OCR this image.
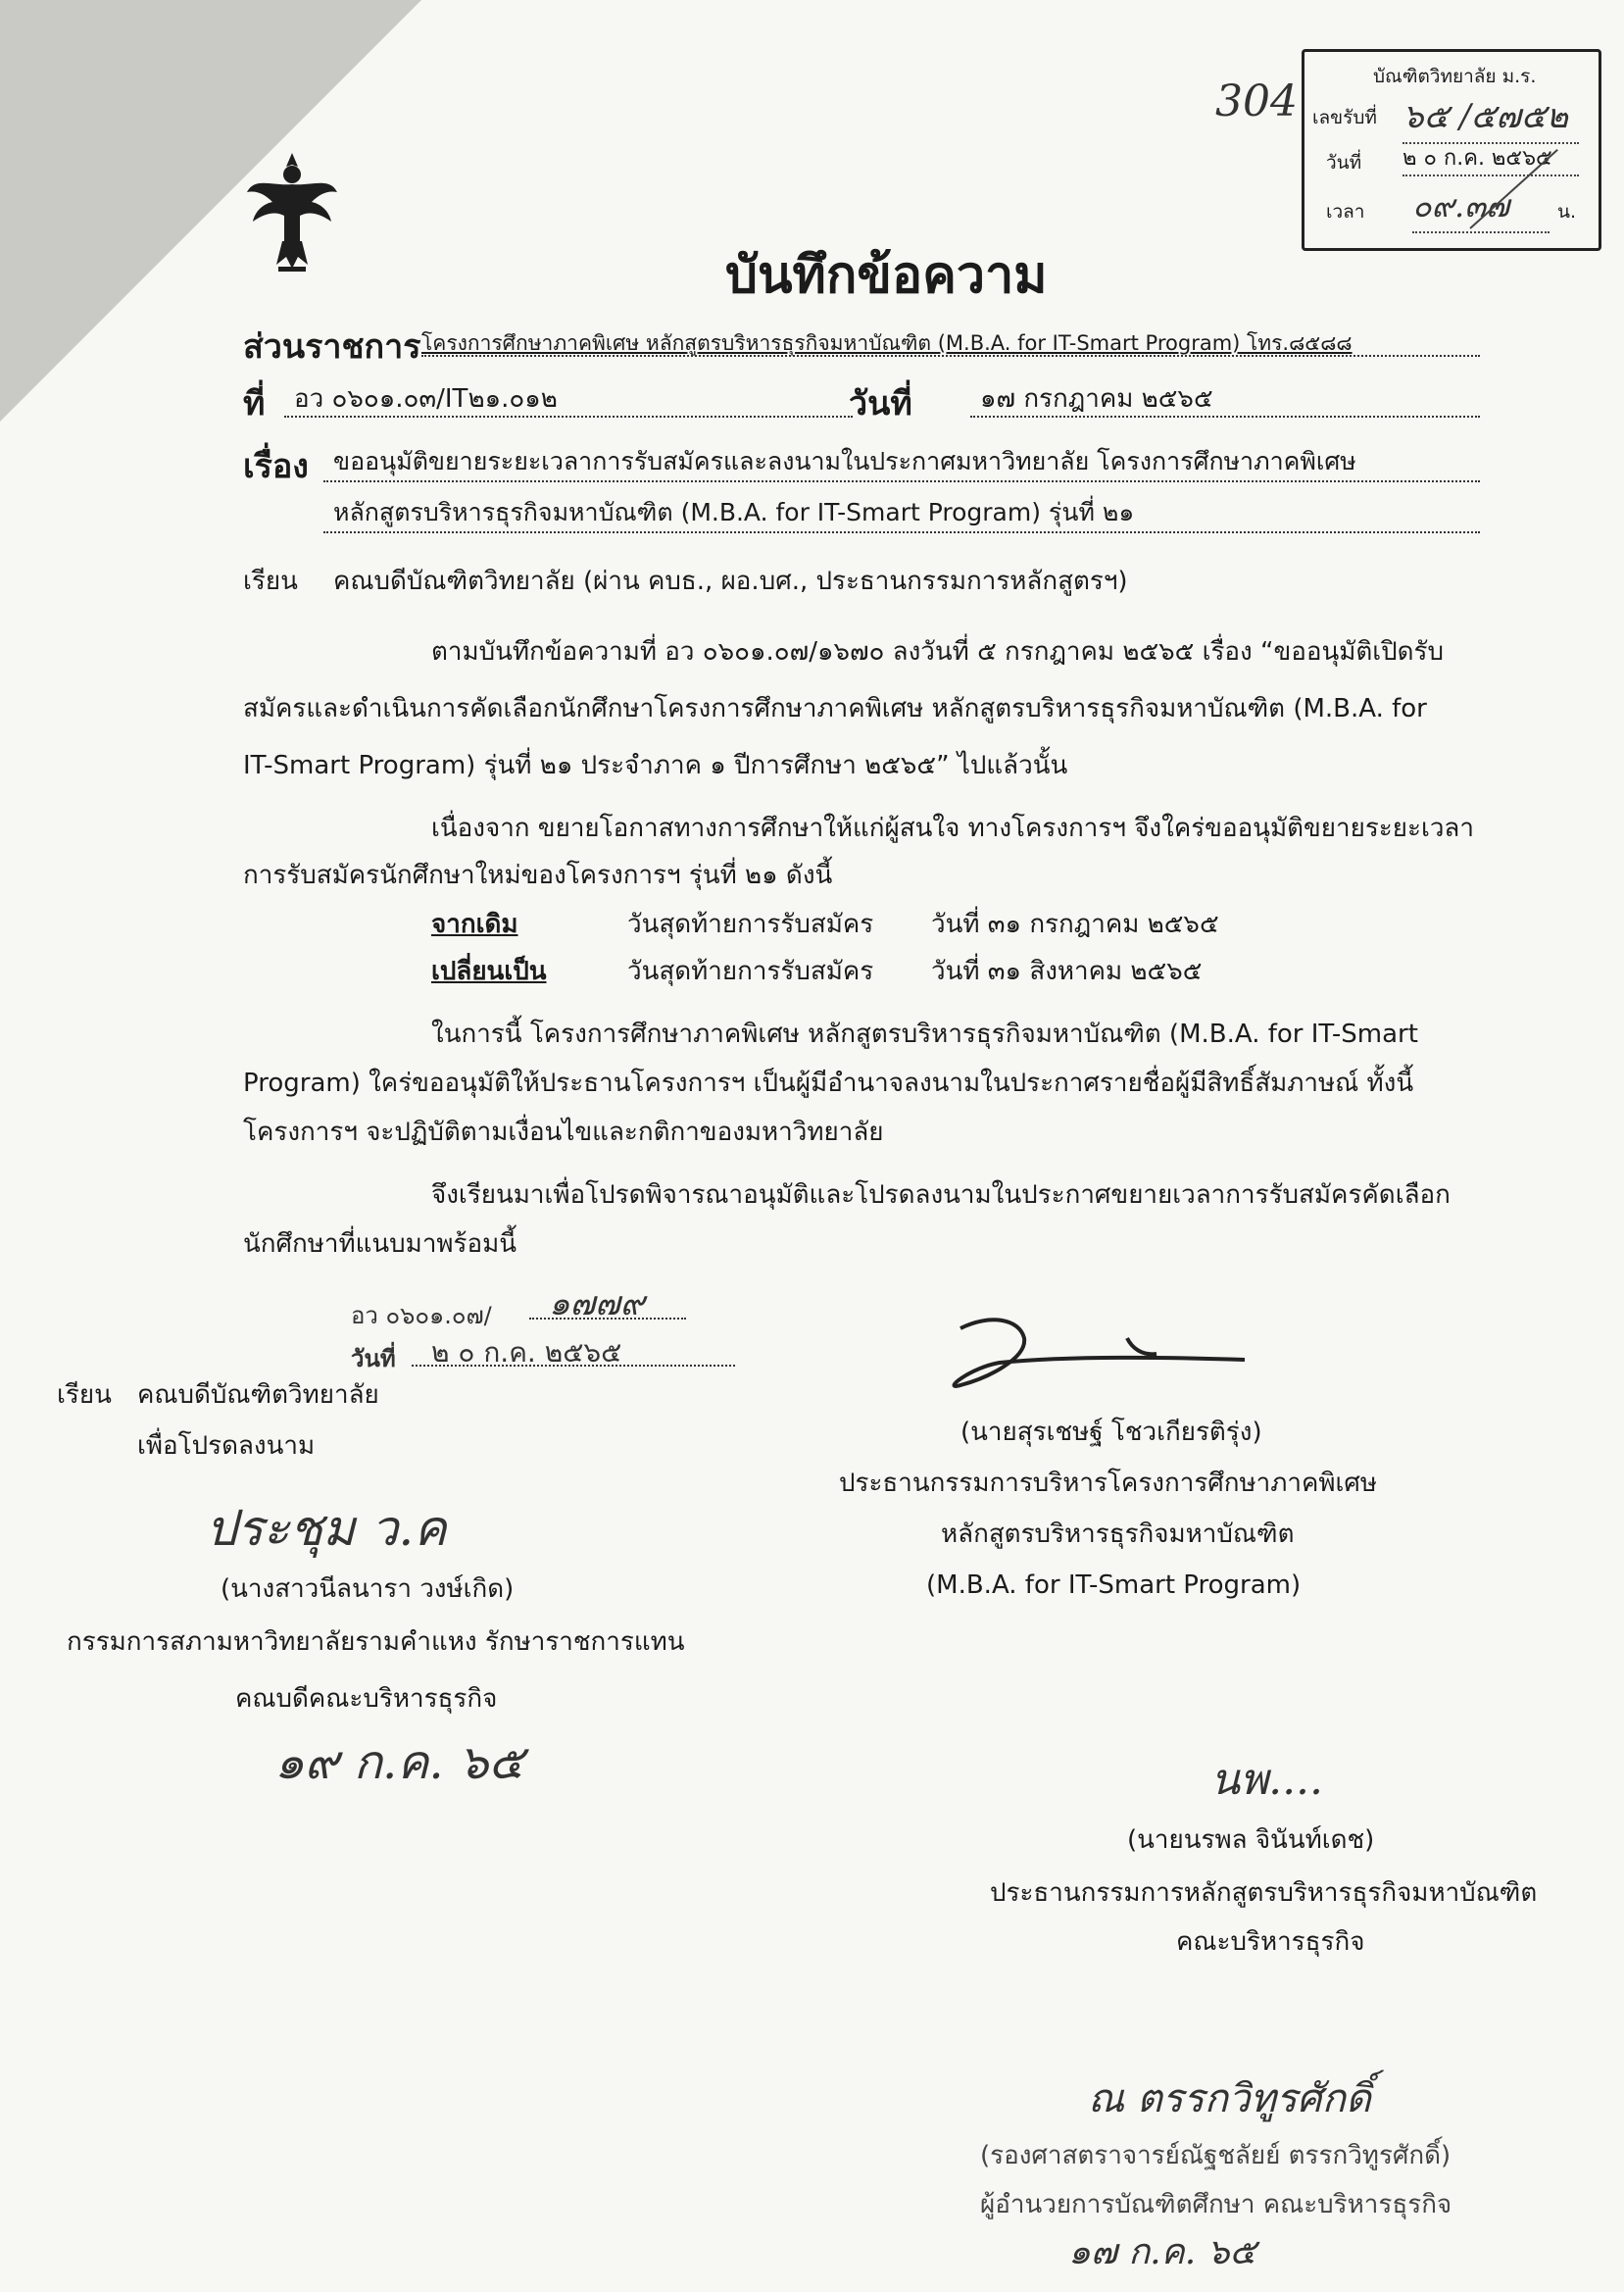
304	บัณฑิตวิทยาลัย ม.ร.
เลขรับที่ ๖๕ /๕๗๕๒
วันที่ ๒ ๐ ก.ค. ๒๕๖๕
เวลา ๐๙.๓๗	น.
บันทึกข้อความ
ส่วนราชการ โครงการศึกษาภาคพิเศษ หลักสูตรบริหารธุรกิจมหาบัณฑิต (M.B.A. for IT-Smart Program) โทร.๘๕๘๘
ที่ อว ๐๖๐๑.๐๓/IT๒๑.๐๑๒	วันที่	๑๗ กรกฎาคม ๒๕๖๕
เรื่อง ขออนุมัติขยายระยะเวลาการรับสมัครและลงนามในประกาศมหาวิทยาลัย โครงการศึกษาภาคพิเศษ
หลักสูตรบริหารธุรกิจมหาบัณฑิต (M.B.A. for IT-Smart Program) รุ่นที่ ๒๑
เรียน คณบดีบัณฑิตวิทยาลัย (ผ่าน คบธ., ผอ.บศ., ประธานกรรมการหลักสูตรฯ)
ตามบันทึกข้อความที่ อว ๐๖๐๑.๐๗/๑๖๗๐ ลงวันที่ ๕ กรกฎาคม ๒๕๖๕ เรื่อง “ขออนุมัติเปิดรับ
สมัครและดำเนินการคัดเลือกนักศึกษาโครงการศึกษาภาคพิเศษ หลักสูตรบริหารธุรกิจมหาบัณฑิต (M.B.A. for
IT-Smart Program) รุ่นที่ ๒๑ ประจำภาค ๑ ปีการศึกษา ๒๕๖๕” ไปแล้วนั้น
เนื่องจาก ขยายโอกาสทางการศึกษาให้แก่ผู้สนใจ ทางโครงการฯ จึงใคร่ขออนุมัติขยายระยะเวลา
การรับสมัครนักศึกษาใหม่ของโครงการฯ รุ่นที่ ๒๑ ดังนี้
จากเดิม	วันสุดท้ายการรับสมัคร วันที่ ๓๑ กรกฎาคม ๒๕๖๕
เปลี่ยนเป็น	วันสุดท้ายการรับสมัคร วันที่ ๓๑ สิงหาคม ๒๕๖๕
ในการนี้ โครงการศึกษาภาคพิเศษ หลักสูตรบริหารธุรกิจมหาบัณฑิต (M.B.A. for IT-Smart
Program) ใคร่ขออนุมัติให้ประธานโครงการฯ เป็นผู้มีอำนาจลงนามในประกาศรายชื่อผู้มีสิทธิ์สัมภาษณ์ ทั้งนี้
โครงการฯ จะปฏิบัติตามเงื่อนไขและกติกาของมหาวิทยาลัย
จึงเรียนมาเพื่อโปรดพิจารณาอนุมัติและโปรดลงนามในประกาศขยายเวลาการรับสมัครคัดเลือก
นักศึกษาที่แนบมาพร้อมนี้
อว ๐๖๐๑.๐๗/ ๑๗๗๙
วันที่ ๒ ๐ ก.ค. ๒๕๖๕
(นายสุรเชษฐ์ โชวเกียรติรุ่ง)
ประธานกรรมการบริหารโครงการศึกษาภาคพิเศษ
หลักสูตรบริหารธุรกิจมหาบัณฑิต
(M.B.A. for IT-Smart Program)
เรียน คณบดีบัณฑิตวิทยาลัย
เพื่อโปรดลงนาม
ประชุม ว.ค
(นางสาวนีลนารา วงษ์เกิด)
กรรมการสภามหาวิทยาลัยรามคำแหง รักษาราชการแทน
คณบดีคณะบริหารธุรกิจ
๑๙ ก.ค. ๖๕	นพ....
(นายนรพล จินันท์เดช)
ประธานกรรมการหลักสูตรบริหารธุรกิจมหาบัณฑิต
คณะบริหารธุรกิจ
ณ ตรรกวิทูรศักดิ์
(รองศาสตราจารย์ณัฐชลัยย์ ตรรกวิทูรศักดิ์)
ผู้อำนวยการบัณฑิตศึกษา คณะบริหารธุรกิจ
๑๗ ก.ค. ๖๕
